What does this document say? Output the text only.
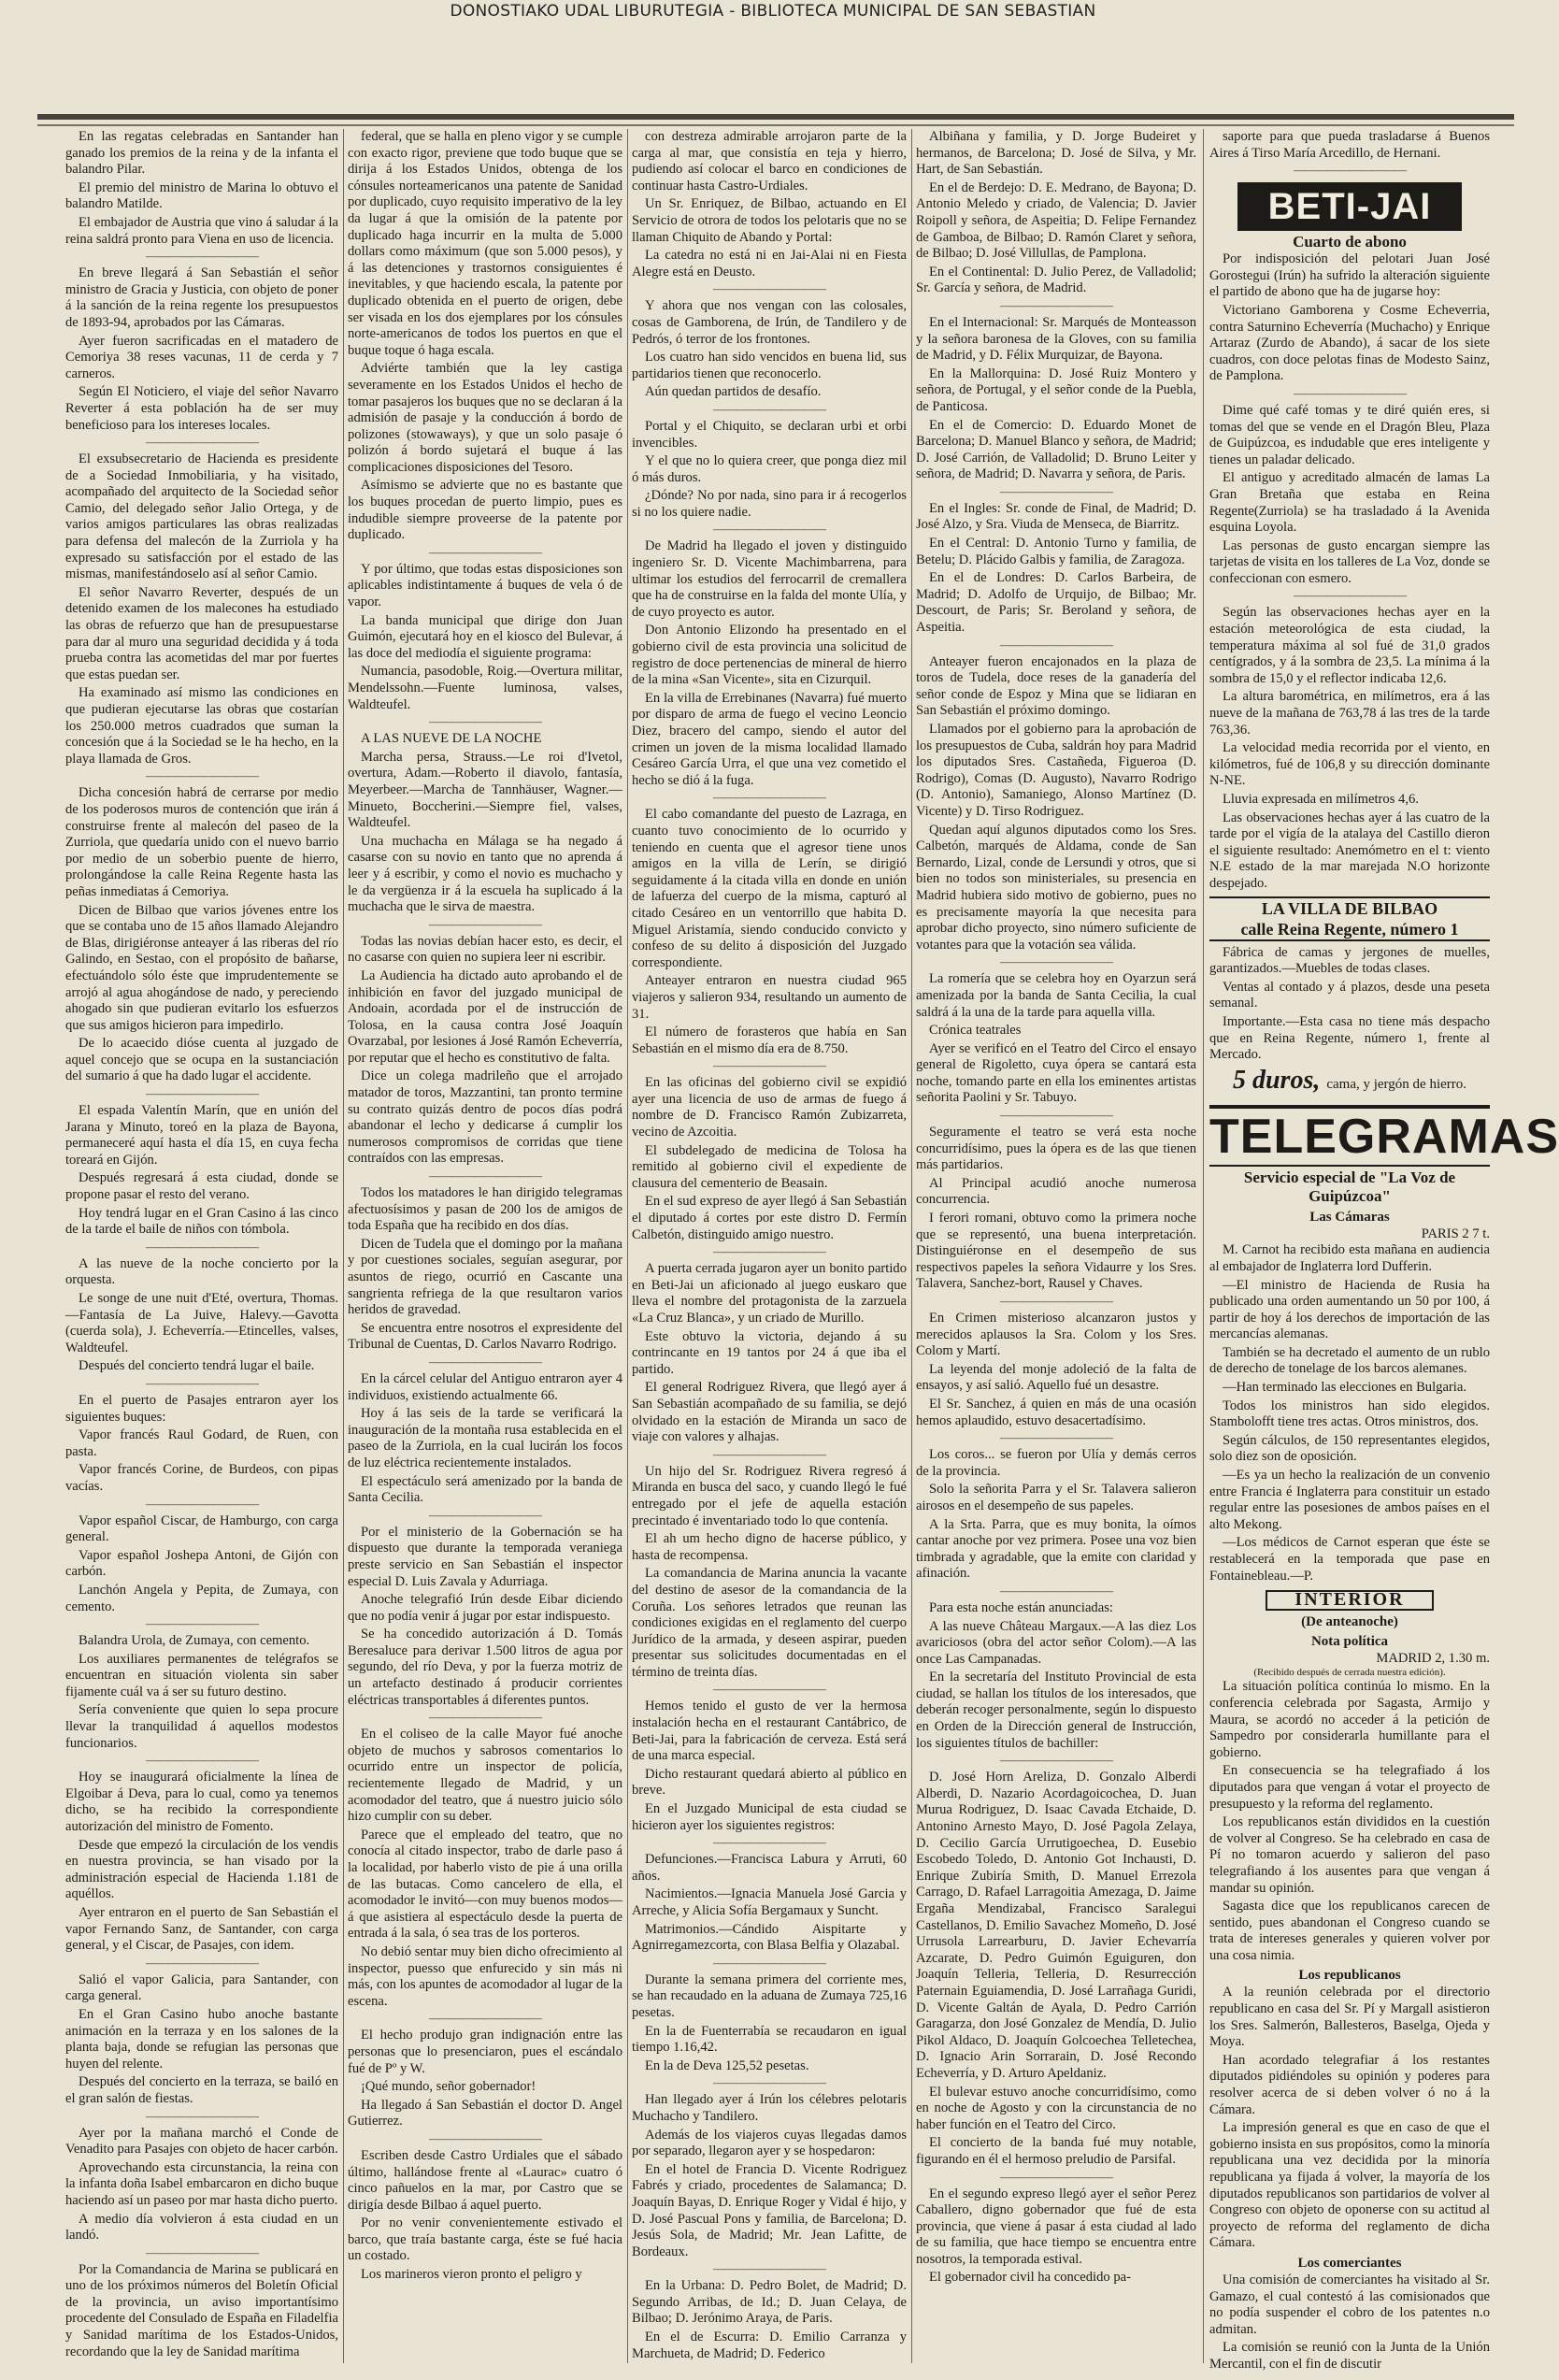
DONOSTIAKO UDAL LIBURUTEGIA - BIBLIOTECA MUNICIPAL DE SAN SEBASTIAN

En las regatas celebradas en Santander han ganado los premios de la reina y de la infanta el balandro Pilar.

El premio del ministro de Marina lo obtuvo el balandro Matilde.

El embajador de Austria que vino á saludar á la reina saldrá pronto para Viena en uso de licencia.

——————————

En breve llegará á San Sebastián el señor ministro de Gracia y Justicia, con objeto de poner á la sanción de la reina regente los presupuestos de 1893-94, aprobados por las Cámaras.

Ayer fueron sacrificadas en el matadero de Cemoriya 38 reses vacunas, 11 de cerda y 7 carneros.

Según El Noticiero, el viaje del señor Navarro Reverter á esta población ha de ser muy beneficioso para los intereses locales.

——————————

El exsubsecretario de Hacienda es presidente de a Sociedad Inmobiliaria, y ha visitado, acompañado del arquitecto de la Sociedad señor Camio, del delegado señor Jalio Ortega, y de varios amigos particulares las obras realizadas para defensa del malecón de la Zurriola y ha expresado su satisfacción por el estado de las mismas, manifestándoselo así al señor Camio.

El señor Navarro Reverter, después de un detenido examen de los malecones ha estudiado las obras de refuerzo que han de presupuestarse para dar al muro una seguridad decidida y á toda prueba contra las acometidas del mar por fuertes que estas puedan ser.

Ha examinado así mismo las condiciones en que pudieran ejecutarse las obras que costarían los 250.000 metros cuadrados que suman la concesión que á la Sociedad se le ha hecho, en la playa llamada de Gros.

——————————

Dicha concesión habrá de cerrarse por medio de los poderosos muros de contención que irán á construirse frente al malecón del paseo de la Zurriola, que quedaría unido con el nuevo barrio por medio de un soberbio puente de hierro, prolongándose la calle Reina Regente hasta las peñas inmediatas á Cemoriya.

Dicen de Bilbao que varios jóvenes entre los que se contaba uno de 15 años llamado Alejandro de Blas, dirigiéronse anteayer á las riberas del río Galindo, en Sestao, con el propósito de bañarse, efectuándolo sólo éste que imprudentemente se arrojó al agua ahogándose de nado, y pereciendo ahogado sin que pudieran evitarlo los esfuerzos que sus amigos hicieron para impedirlo.

De lo acaecido dióse cuenta al juzgado de aquel concejo que se ocupa en la sustanciación del sumario á que ha dado lugar el accidente.

——————————

El espada Valentín Marín, que en unión del Jarana y Minuto, toreó en la plaza de Bayona, permaneceré aquí hasta el día 15, en cuya fecha toreará en Gijón.

Después regresará á esta ciudad, donde se propone pasar el resto del verano.

Hoy tendrá lugar en el Gran Casino á las cinco de la tarde el baile de niños con tómbola.

——————————

A las nueve de la noche concierto por la orquesta.

Le songe de une nuit d'Eté, overtura, Thomas.—Fantasía de La Juive, Halevy.—Gavotta (cuerda sola), J. Echeverría.—Etincelles, valses, Waldteufel.

Después del concierto tendrá lugar el baile.

——————————

En el puerto de Pasajes entraron ayer los siguientes buques:

Vapor francés Raul Godard, de Ruen, con pasta.

Vapor francés Corine, de Burdeos, con pipas vacías.

——————————

Vapor español Ciscar, de Hamburgo, con carga general.

Vapor español Joshepa Antoni, de Gijón con carbón.

Lanchón Angela y Pepita, de Zumaya, con cemento.

——————————

Balandra Urola, de Zumaya, con cemento.

Los auxiliares permanentes de telégrafos se encuentran en situación violenta sin saber fijamente cuál va á ser su futuro destino.

Sería conveniente que quien lo sepa procure llevar la tranquilidad á aquellos modestos funcionarios.

——————————

Hoy se inaugurará oficialmente la línea de Elgoibar á Deva, para lo cual, como ya tenemos dicho, se ha recibido la correspondiente autorización del ministro de Fomento.

Desde que empezó la circulación de los vendis en nuestra provincia, se han visado por la administración especial de Hacienda 1.181 de aquéllos.

Ayer entraron en el puerto de San Sebastián el vapor Fernando Sanz, de Santander, con carga general, y el Ciscar, de Pasajes, con idem.

——————————

Salió el vapor Galicia, para Santander, con carga general.

En el Gran Casino hubo anoche bastante animación en la terraza y en los salones de la planta baja, donde se refugian las personas que huyen del relente.

Después del concierto en la terraza, se bailó en el gran salón de fiestas.

——————————

Ayer por la mañana marchó el Conde de Venadito para Pasajes con objeto de hacer carbón.

Aprovechando esta circunstancia, la reina con la infanta doña Isabel embarcaron en dicho buque haciendo así un paseo por mar hasta dicho puerto.

A medio día volvieron á esta ciudad en un landó.

——————————

Por la Comandancia de Marina se publicará en uno de los próximos números del Boletín Oficial de la provincia, un aviso importantísimo procedente del Consulado de España en Filadelfia y Sanidad marítima de los Estados-Unidos, recordando que la ley de Sanidad marítima

federal, que se halla en pleno vigor y se cumple con exacto rigor, previene que todo buque que se dirija á los Estados Unidos, obtenga de los cónsules norteamericanos una patente de Sanidad por duplicado, cuyo requisito imperativo de la ley da lugar á que la omisión de la patente por duplicado haga incurrir en la multa de 5.000 dollars como máximum (que son 5.000 pesos), y á las detenciones y trastornos consiguientes é inevitables, y que haciendo escala, la patente por duplicado obtenida en el puerto de origen, debe ser visada en los dos ejemplares por los cónsules norte-americanos de todos los puertos en que el buque toque ó haga escala.

Adviérte también que la ley castiga severamente en los Estados Unidos el hecho de tomar pasajeros los buques que no se declaran á la admisión de pasaje y la conducción á bordo de polizones (stowaways), y que un solo pasaje ó polizón á bordo sujetará el buque á las complicaciones disposiciones del Tesoro.

Asímismo se advierte que no es bastante que los buques procedan de puerto limpio, pues es indudible siempre proveerse de la patente por duplicado.

——————————

Y por último, que todas estas disposiciones son aplicables indistintamente á buques de vela ó de vapor.

La banda municipal que dirige don Juan Guimón, ejecutará hoy en el kiosco del Bulevar, á las doce del mediodía el siguiente programa:

Numancia, pasodoble, Roig.—Overtura militar, Mendelssohn.—Fuente luminosa, valses, Waldteufel.

——————————

A LAS NUEVE DE LA NOCHE

Marcha persa, Strauss.—Le roi d'Ivetol, overtura, Adam.—Roberto il diavolo, fantasía, Meyerbeer.—Marcha de Tannhäuser, Wagner.—Minueto, Boccherini.—Siempre fiel, valses, Waldteufel.

Una muchacha en Málaga se ha negado á casarse con su novio en tanto que no aprenda á leer y á escribir, y como el novio es muchacho y le da vergüenza ir á la escuela ha suplicado á la muchacha que le sirva de maestra.

——————————

Todas las novias debían hacer esto, es decir, el no casarse con quien no supiera leer ni escribir.

La Audiencia ha dictado auto aprobando el de inhibición en favor del juzgado municipal de Andoain, acordada por el de instrucción de Tolosa, en la causa contra José Joaquín Ovarzabal, por lesiones á José Ramón Echeverría, por reputar que el hecho es constitutivo de falta.

Dice un colega madrileño que el arrojado matador de toros, Mazzantini, tan pronto termine su contrato quizás dentro de pocos días podrá abandonar el lecho y dedicarse á cumplir los numerosos compromisos de corridas que tiene contraídos con las empresas.

——————————

Todos los matadores le han dirigido telegramas afectuosísimos y pasan de 200 los de amigos de toda España que ha recibido en dos días.

Dicen de Tudela que el domingo por la mañana y por cuestiones sociales, seguían asegurar, por asuntos de riego, ocurrió en Cascante una sangrienta refriega de la que resultaron varios heridos de gravedad.

Se encuentra entre nosotros el expresidente del Tribunal de Cuentas, D. Carlos Navarro Rodrigo.

——————————

En la cárcel celular del Antiguo entraron ayer 4 individuos, existiendo actualmente 66.

Hoy á las seis de la tarde se verificará la inauguración de la montaña rusa establecida en el paseo de la Zurriola, en la cual lucirán los focos de luz eléctrica recientemente instalados.

El espectáculo será amenizado por la banda de Santa Cecilia.

——————————

Por el ministerio de la Gobernación se ha dispuesto que durante la temporada veraniega preste servicio en San Sebastián el inspector especial D. Luis Zavala y Adurriaga.

Anoche telegrafió Irún desde Eibar diciendo que no podía venir á jugar por estar indispuesto.

Se ha concedido autorización á D. Tomás Beresaluce para derivar 1.500 litros de agua por segundo, del río Deva, y por la fuerza motriz de un artefacto destinado á producir corrientes eléctricas transportables á diferentes puntos.

——————————

En el coliseo de la calle Mayor fué anoche objeto de muchos y sabrosos comentarios lo ocurrido entre un inspector de policía, recientemente llegado de Madrid, y un acomodador del teatro, que á nuestro juicio sólo hizo cumplir con su deber.

Parece que el empleado del teatro, que no conocía al citado inspector, trabo de darle paso á la localidad, por haberlo visto de pie á una orilla de las butacas. Como cancelero de ella, el acomodador le invitó—con muy buenos modos—á que asistiera al espectáculo desde la puerta de entrada á la sala, ó sea tras de los porteros.

No debió sentar muy bien dicho ofrecimiento al inspector, puesso que enfurecido y sin más ni más, con los apuntes de acomodador al lugar de la escena.

——————————

El hecho produjo gran indignación entre las personas que lo presenciaron, pues el escándalo fué de Pº y W.

¡Qué mundo, señor gobernador!

Ha llegado á San Sebastián el doctor D. Angel Gutierrez.

——————————

Escriben desde Castro Urdiales que el sábado último, hallándose frente al «Laurac» cuatro ó cinco pañuelos en la mar, por Castro que se dirigía desde Bilbao á aquel puerto.

Por no venir convenientemente estivado el barco, que traía bastante carga, éste se fué hacia un costado.

Los marineros vieron pronto el peligro y

con destreza admirable arrojaron parte de la carga al mar, que consistía en teja y hierro, pudiendo así colocar el barco en condiciones de continuar hasta Castro-Urdiales.

Un Sr. Enriquez, de Bilbao, actuando en El Servicio de otrora de todos los pelotaris que no se llaman Chiquito de Abando y Portal:

La catedra no está ni en Jai-Alai ni en Fiesta Alegre está en Deusto.

——————————

Y ahora que nos vengan con las colosales, cosas de Gamborena, de Irún, de Tandilero y de Pedrós, ó terror de los frontones.

Los cuatro han sido vencidos en buena lid, sus partidarios tienen que reconocerlo.

Aún quedan partidos de desafío.

——————————

Portal y el Chiquito, se declaran urbi et orbi invencibles.

Y el que no lo quiera creer, que ponga diez mil ó más duros.

¿Dónde? No por nada, sino para ir á recogerlos si no los quiere nadie.

——————————

De Madrid ha llegado el joven y distinguido ingeniero Sr. D. Vicente Machimbarrena, para ultimar los estudios del ferrocarril de cremallera que ha de construirse en la falda del monte Ulía, y de cuyo proyecto es autor.

Don Antonio Elizondo ha presentado en el gobierno civil de esta provincia una solicitud de registro de doce pertenencias de mineral de hierro de la mina «San Vicente», sita en Cizurquil.

En la villa de Errebinanes (Navarra) fué muerto por disparo de arma de fuego el vecino Leoncio Diez, bracero del campo, siendo el autor del crimen un joven de la misma localidad llamado Cesáreo García Urra, el que una vez cometido el hecho se dió á la fuga.

——————————

El cabo comandante del puesto de Lazraga, en cuanto tuvo conocimiento de lo ocurrido y teniendo en cuenta que el agresor tiene unos amigos en la villa de Lerín, se dirigió seguidamente á la citada villa en donde en unión de lafuerza del cuerpo de la misma, capturó al citado Cesáreo en un ventorrillo que habita D. Miguel Aristamía, siendo conducido convicto y confeso de su delito á disposición del Juzgado correspondiente.

Anteayer entraron en nuestra ciudad 965 viajeros y salieron 934, resultando un aumento de 31.

El número de forasteros que había en San Sebastián en el mismo día era de 8.750.

——————————

En las oficinas del gobierno civil se expidió ayer una licencia de uso de armas de fuego á nombre de D. Francisco Ramón Zubizarreta, vecino de Azcoitia.

El subdelegado de medicina de Tolosa ha remitido al gobierno civil el expediente de clausura del cementerio de Beasain.

En el sud expreso de ayer llegó á San Sebastián el diputado á cortes por este distro D. Fermín Calbetón, distinguido amigo nuestro.

——————————

A puerta cerrada jugaron ayer un bonito partido en Beti-Jai un aficionado al juego euskaro que lleva el nombre del protagonista de la zarzuela «La Cruz Blanca», y un criado de Murillo.

Este obtuvo la victoria, dejando á su contrincante en 19 tantos por 24 á que iba el partido.

El general Rodriguez Rivera, que llegó ayer á San Sebastián acompañado de su familia, se dejó olvidado en la estación de Miranda un saco de viaje con valores y alhajas.

——————————

Un hijo del Sr. Rodriguez Rivera regresó á Miranda en busca del saco, y cuando llegó le fué entregado por el jefe de aquella estación precintado é inventariado todo lo que contenía.

El ah um hecho digno de hacerse público, y hasta de recompensa.

La comandancia de Marina anuncia la vacante del destino de asesor de la comandancia de la Coruña. Los señores letrados que reunan las condiciones exigidas en el reglamento del cuerpo Jurídico de la armada, y deseen aspirar, pueden presentar sus solicitudes documentadas en el término de treinta días.

——————————

Hemos tenido el gusto de ver la hermosa instalación hecha en el restaurant Cantábrico, de Beti-Jai, para la fabricación de cerveza. Está será de una marca especial.

Dicho restaurant quedará abierto al público en breve.

En el Juzgado Municipal de esta ciudad se hicieron ayer los siguientes registros:

——————————

Defunciones.—Francisca Labura y Arruti, 60 años.

Nacimientos.—Ignacia Manuela José Garcia y Arreche, y Alicia Sofía Bergamaux y Suncht.

Matrimonios.—Cándido Aispitarte y Agnirregamezcorta, con Blasa Belfia y Olazabal.

——————————

Durante la semana primera del corriente mes, se han recaudado en la aduana de Zumaya 725,16 pesetas.

En la de Fuenterrabía se recaudaron en igual tiempo 1.16,42.

En la de Deva 125,52 pesetas.

——————————

Han llegado ayer á Irún los célebres pelotaris Muchacho y Tandilero.

Además de los viajeros cuyas llegadas damos por separado, llegaron ayer y se hospedaron:

En el hotel de Francia D. Vicente Rodriguez Fabrés y criado, procedentes de Salamanca; D. Joaquín Bayas, D. Enrique Roger y Vidal é hijo, y D. José Pascual Pons y familia, de Barcelona; D. Jesús Sola, de Madrid; Mr. Jean Lafitte, de Bordeaux.

——————————

En la Urbana: D. Pedro Bolet, de Madrid; D. Segundo Arribas, de Id.; D. Juan Celaya, de Bilbao; D. Jerónimo Araya, de Paris.

En el de Escurra: D. Emilio Carranza y Marchueta, de Madrid; D. Federico

Albiñana y familia, y D. Jorge Budeiret y hermanos, de Barcelona; D. José de Silva, y Mr. Hart, de San Sebastián.

En el de Berdejo: D. E. Medrano, de Bayona; D. Antonio Meledo y criado, de Valencia; D. Javier Roipoll y señora, de Aspeitia; D. Felipe Fernandez de Gamboa, de Bilbao; D. Ramón Claret y señora, de Bilbao; D. José Villullas, de Pamplona.

En el Continental: D. Julio Perez, de Valladolid; Sr. García y señora, de Madrid.

——————————

En el Internacional: Sr. Marqués de Monteasson y la señora baronesa de la Gloves, con su familia de Madrid, y D. Félix Murquizar, de Bayona.

En la Mallorquina: D. José Ruiz Montero y señora, de Portugal, y el señor conde de la Puebla, de Panticosa.

En el de Comercio: D. Eduardo Monet de Barcelona; D. Manuel Blanco y señora, de Madrid; D. José Carrión, de Valladolid; D. Bruno Leiter y señora, de Madrid; D. Navarra y señora, de Paris.

——————————

En el Ingles: Sr. conde de Final, de Madrid; D. José Alzo, y Sra. Viuda de Menseca, de Biarritz.

En el Central: D. Antonio Turno y familia, de Betelu; D. Plácido Galbis y familia, de Zaragoza.

En el de Londres: D. Carlos Barbeira, de Madrid; D. Adolfo de Urquijo, de Bilbao; Mr. Descourt, de Paris; Sr. Beroland y señora, de Aspeitia.

——————————

Anteayer fueron encajonados en la plaza de toros de Tudela, doce reses de la ganadería del señor conde de Espoz y Mina que se lidiaran en San Sebastián el próximo domingo.

Llamados por el gobierno para la aprobación de los presupuestos de Cuba, saldrán hoy para Madrid los diputados Sres. Castañeda, Figueroa (D. Rodrigo), Comas (D. Augusto), Navarro Rodrigo (D. Antonio), Samaniego, Alonso Martínez (D. Vicente) y D. Tirso Rodriguez.

Quedan aquí algunos diputados como los Sres. Calbetón, marqués de Aldama, conde de San Bernardo, Lizal, conde de Lersundi y otros, que si bien no todos son ministeriales, su presencia en Madrid hubiera sido motivo de gobierno, pues no es precisamente mayoría la que necesita para aprobar dicho proyecto, sino número suficiente de votantes para que la votación sea válida.

——————————

La romería que se celebra hoy en Oyarzun será amenizada por la banda de Santa Cecilia, la cual saldrá á la una de la tarde para aquella villa.

Crónica teatrales

Ayer se verificó en el Teatro del Circo el ensayo general de Rigoletto, cuya ópera se cantará esta noche, tomando parte en ella los eminentes artistas señorita Paolini y Sr. Tabuyo.

——————————

Seguramente el teatro se verá esta noche concurridísimo, pues la ópera es de las que tienen más partidarios.

Al Principal acudió anoche numerosa concurrencia.

I ferori romani, obtuvo como la primera noche que se representó, una buena interpretación. Distinguiéronse en el desempeño de sus respectivos papeles la señora Vidaurre y los Sres. Talavera, Sanchez-bort, Rausel y Chaves.

——————————

En Crimen misterioso alcanzaron justos y merecidos aplausos la Sra. Colom y los Sres. Colom y Martí.

La leyenda del monje adoleció de la falta de ensayos, y así salió. Aquello fué un desastre.

El Sr. Sanchez, á quien en más de una ocasión hemos aplaudido, estuvo desacertadísimo.

——————————

Los coros... se fueron por Ulía y demás cerros de la provincia.

Solo la señorita Parra y el Sr. Talavera salieron airosos en el desempeño de sus papeles.

A la Srta. Parra, que es muy bonita, la oímos cantar anoche por vez primera. Posee una voz bien timbrada y agradable, que la emite con claridad y afinación.

——————————

Para esta noche están anunciadas:

A las nueve Château Margaux.—A las diez Los avariciosos (obra del actor señor Colom).—A las once Las Campanadas.

En la secretaría del Instituto Provincial de esta ciudad, se hallan los títulos de los interesados, que deberán recoger personalmente, según lo dispuesto en Orden de la Dirección general de Instrucción, los siguientes títulos de bachiller:

——————————

D. José Horn Areliza, D. Gonzalo Alberdi Alberdi, D. Nazario Acordagoicochea, D. Juan Murua Rodriguez, D. Isaac Cavada Etchaide, D. Antonino Arnesto Mayo, D. José Pagola Zelaya, D. Cecilio García Urrutigoechea, D. Eusebio Escobedo Toledo, D. Antonio Got Inchausti, D. Enrique Zubiría Smith, D. Manuel Errezola Carrago, D. Rafael Larragoitia Amezaga, D. Jaime Ergaña Mendizabal, Francisco Saralegui Castellanos, D. Emilio Savachez Momeño, D. José Urrusola Larrearburu, D. Javier Echevarría Azcarate, D. Pedro Guimón Eguiguren, don Joaquín Telleria, Telleria, D. Resurrección Paternain Eguiamendia, D. José Larrañaga Guridi, D. Vicente Galtán de Ayala, D. Pedro Carrión Garagarza, don José Gonzalez de Mendía, D. Julio Pikol Aldaco, D. Joaquín Golcoechea Telletechea, D. Ignacio Arin Sorrarain, D. José Recondo Echeverría, y D. Arturo Apeldaniz.

El bulevar estuvo anoche concurridísimo, como en noche de Agosto y con la circunstancia de no haber función en el Teatro del Circo.

El concierto de la banda fué muy notable, figurando en él el hermoso preludio de Parsifal.

——————————

En el segundo expreso llegó ayer el señor Perez Caballero, digno gobernador que fué de esta provincia, que viene á pasar á esta ciudad al lado de su familia, que hace tiempo se encuentra entre nosotros, la temporada estival.

El gobernador civil ha concedido pa-

saporte para que pueda trasladarse á Buenos Aires á Tirso María Arcedillo, de Hernani.

——————————
BETI-JAI
Cuarto de abono

Por indisposición del pelotari Juan José Gorostegui (Irún) ha sufrido la alteración siguiente el partido de abono que ha de jugarse hoy:

Victoriano Gamborena y Cosme Echeverria, contra Saturnino Echeverría (Muchacho) y Enrique Artaraz (Zurdo de Abando), á sacar de los siete cuadros, con doce pelotas finas de Modesto Sainz, de Pamplona.

——————————

Dime qué café tomas y te diré quién eres, si tomas del que se vende en el Dragón Bleu, Plaza de Guipúzcoa, es indudable que eres inteligente y tienes un paladar delicado.

El antiguo y acreditado almacén de lamas La Gran Bretaña que estaba en Reina Regente(Zurriola) se ha trasladado á la Avenida esquina Loyola.

Las personas de gusto encargan siempre las tarjetas de visita en los talleres de La Voz, donde se confeccionan con esmero.

——————————

Según las observaciones hechas ayer en la estación meteorológica de esta ciudad, la temperatura máxima al sol fué de 31,0 grados centígrados, y á la sombra de 23,5. La mínima á la sombra de 15,0 y el reflector indicaba 12,6.

La altura barométrica, en milímetros, era á las nueve de la mañana de 763,78 á las tres de la tarde 763,36.

La velocidad media recorrida por el viento, en kilómetros, fué de 106,8 y su dirección dominante N-NE.

Lluvia expresada en milímetros 4,6.

Las observaciones hechas ayer á las cuatro de la tarde por el vigía de la atalaya del Castillo dieron el siguiente resultado: Anemómetro en el t: viento N.E estado de la mar marejada N.O horizonte despejado.

LA VILLA DE BILBAO
calle Reina Regente, número 1

Fábrica de camas y jergones de muelles, garantizados.—Muebles de todas clases.

Ventas al contado y á plazos, desde una peseta semanal.

Importante.—Esta casa no tiene más despacho que en Reina Regente, número 1, frente al Mercado.

5 duros, cama, y jergón de hierro.
TELEGRAMAS
Servicio especial de "La Voz de Guipúzcoa"
Las Cámaras
PARIS 2 7 t.

M. Carnot ha recibido esta mañana en audiencia al embajador de Inglaterra lord Dufferin.

—El ministro de Hacienda de Rusia ha publicado una orden aumentando un 50 por 100, á partir de hoy á los derechos de importación de las mercancías alemanas.

También se ha decretado el aumento de un rublo de derecho de tonelage de los barcos alemanes.

—Han terminado las elecciones en Bulgaria.

Todos los ministros han sido elegidos. Stambolofft tiene tres actas. Otros ministros, dos.

Según cálculos, de 150 representantes elegidos, solo diez son de oposición.

—Es ya un hecho la realización de un convenio entre Francia é Inglaterra para constituir un estado regular entre las posesiones de ambos países en el alto Mekong.

—Los médicos de Carnot esperan que éste se restablecerá en la temporada que pase en Fontainebleau.—P.

INTERIOR
(De anteanoche)
Nota política
MADRID 2, 1.30 m.
(Recibido después de cerrada nuestra edición).

La situación política continúa lo mismo. En la conferencia celebrada por Sagasta, Armijo y Maura, se acordó no acceder á la petición de Sampedro por considerarla humillante para el gobierno.

En consecuencia se ha telegrafiado á los diputados para que vengan á votar el proyecto de presupuesto y la reforma del reglamento.

Los republicanos están divididos en la cuestión de volver al Congreso. Se ha celebrado en casa de Pí no tomaron acuerdo y salieron del paso telegrafiando á los ausentes para que vengan á mandar su opinión.

Sagasta dice que los republicanos carecen de sentido, pues abandonan el Congreso cuando se trata de intereses generales y quieren volver por una cosa nimia.

Los republicanos

A la reunión celebrada por el directorio republicano en casa del Sr. Pí y Margall asistieron los Sres. Salmerón, Ballesteros, Baselga, Ojeda y Moya.

Han acordado telegrafiar á los restantes diputados pidiéndoles su opinión y poderes para resolver acerca de si deben volver ó no á la Cámara.

La impresión general es que en caso de que el gobierno insista en sus propósitos, como la minoría republicana una vez decidida por la minoría republicana ya fijada á volver, la mayoría de los diputados republicanos son partidarios de volver al Congreso con objeto de oponerse con su actitud al proyecto de reforma del reglamento de dicha Cámara.

Los comerciantes

Una comisión de comerciantes ha visitado al Sr. Gamazo, el cual contestó á las comisionados que no podía suspender el cobro de los patentes n.o admitan.

La comisión se reunió con la Junta de la Unión Mercantil, con el fin de discutir
